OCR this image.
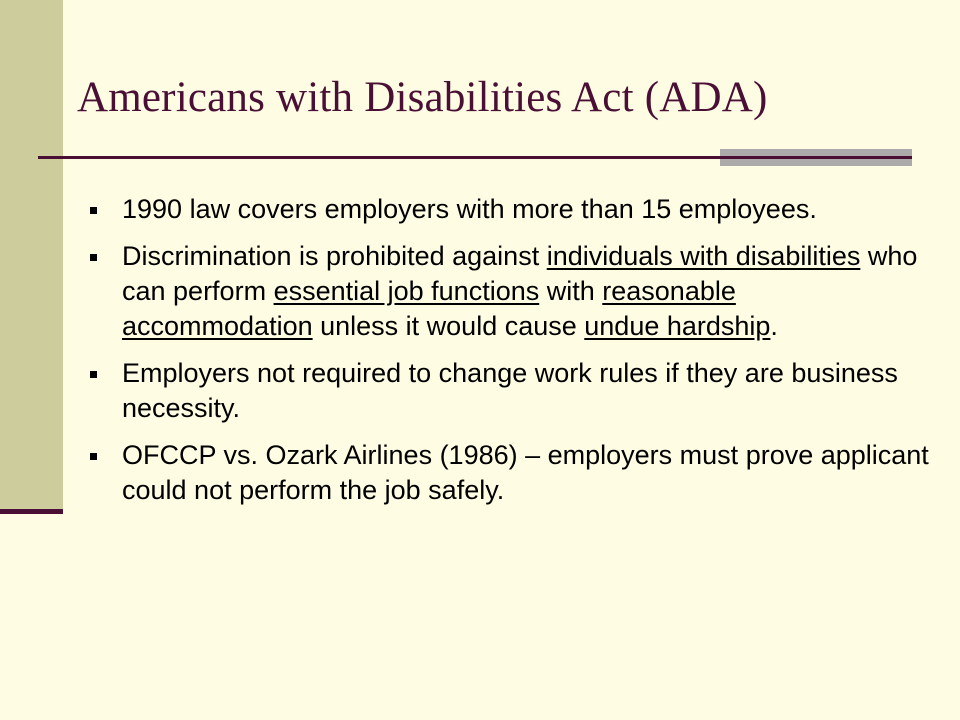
Americans with Disabilities Act (ADA)
1990 law covers employers with more than 15 employees.
Discrimination is prohibited against individuals with disabilities who can perform essential job functions with reasonable accommodation unless it would cause undue hardship.
Employers not required to change work rules if they are business necessity.
OFCCP vs. Ozark Airlines (1986) – employers must prove applicant could not perform the job safely.
